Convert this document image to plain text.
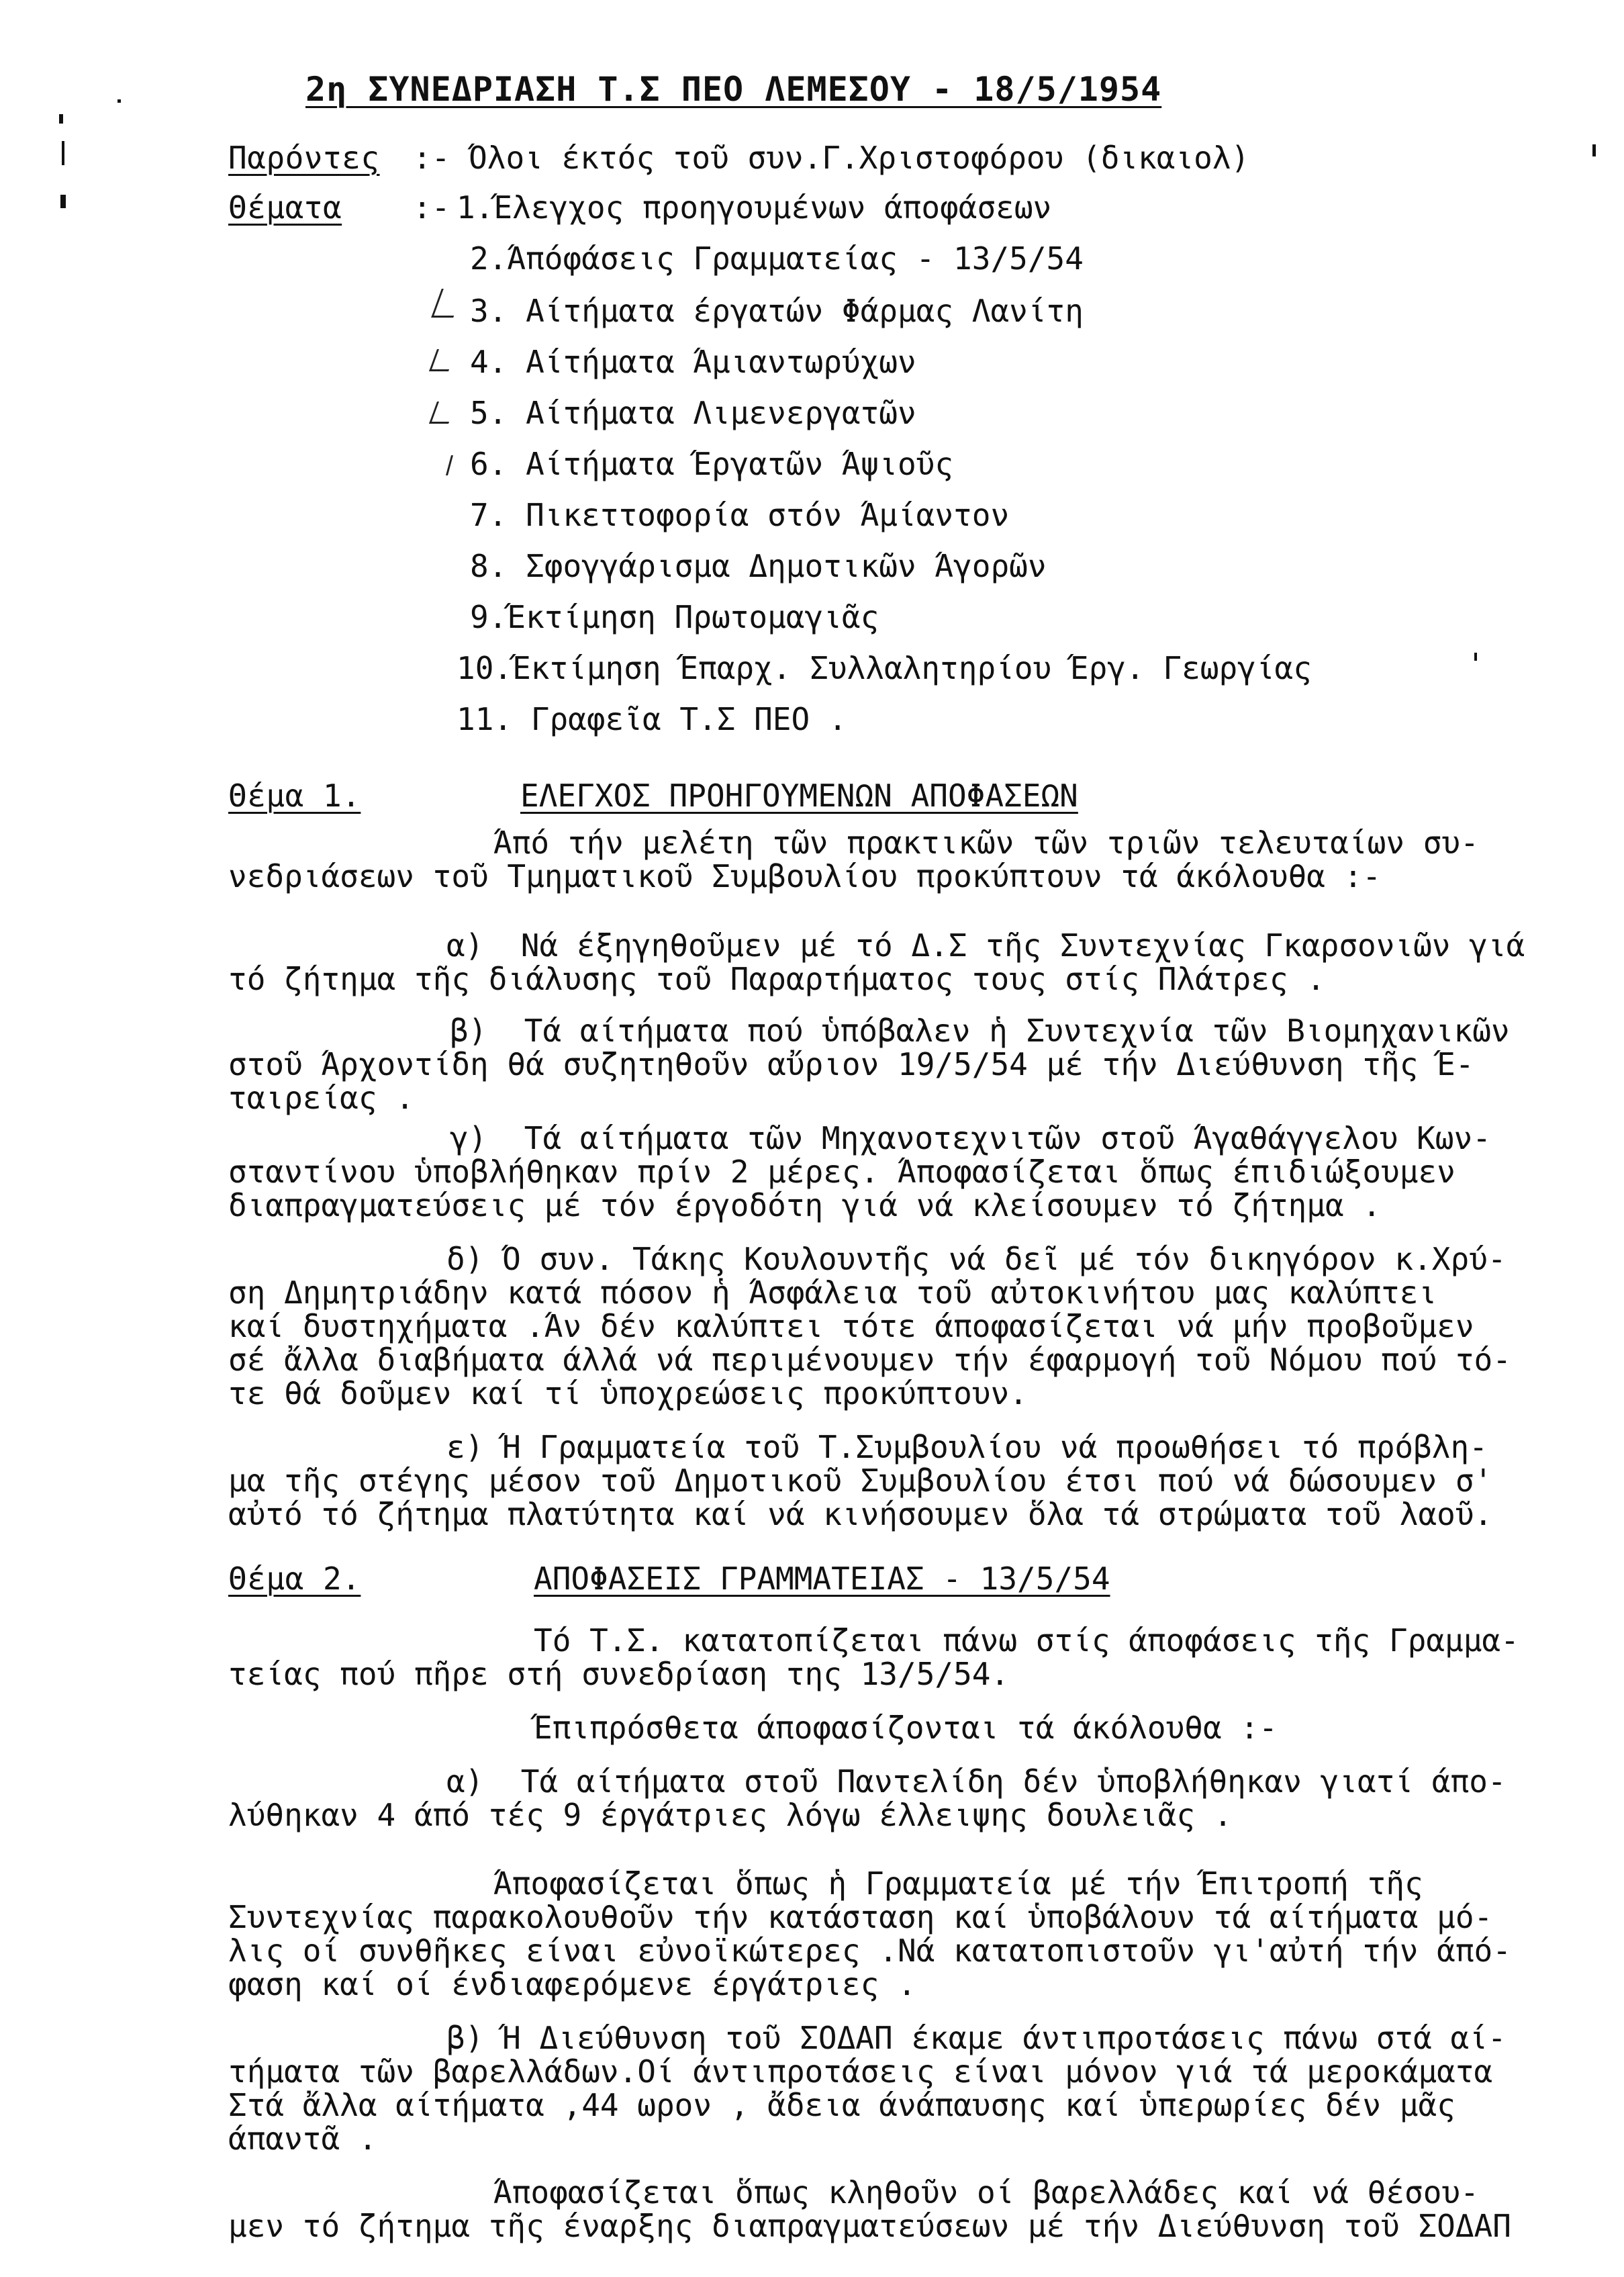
2η ΣΥΝΕΔΡΙΑΣΗ Τ.Σ ΠΕΟ ΛΕΜΕΣΟΥ - 18/5/1954
Παρόντες :- Όλοι έκτός τοῦ συν.Γ.Χριστοφόρου (δικαιολ)
Θέματα :- 1.Έλεγχος προηγουμένων άποφάσεων
2.Άπόφάσεις Γραμματείας - 13/5/54
3. Αίτήματα έργατών Φάρμας Λανίτη
4. Αίτήματα Άμιαντωρύχων
5. Αίτήματα Λιμενεργατῶν
6. Αίτήματα Έργατῶν Άψιοῦς
7. Πικεττοφορία στόν Άμίαντον
8. Σφογγάρισμα Δημοτικῶν Άγορῶν
9.Έκτίμηση Πρωτομαγιᾶς
10.Έκτίμηση Έπαρχ. Συλλαλητηρίου Έργ. Γεωργίας
11. Γραφεῖα Τ.Σ ΠΕΟ .
Θέμα 1.	ΕΛΕΓΧΟΣ ΠΡΟΗΓΟΥΜΕΝΩΝ ΑΠΟΦΑΣΕΩΝ
Άπό τήν μελέτη τῶν πρακτικῶν τῶν τριῶν τελευταίων συ-
νεδριάσεων τοῦ Τμηματικοῦ Συμβουλίου προκύπτουν τά άκόλουθα :-
α)  Νά έξηγηθοῦμεν μέ τό Δ.Σ τῆς Συντεχνίας Γκαρσονιῶν γιά
τό ζήτημα τῆς διάλυσης τοῦ Παραρτήματος τους στίς Πλάτρες .
β)  Τά αίτήματα πού ὑπόβαλεν ἡ Συντεχνία τῶν Βιομηχανικῶν
στοῦ Άρχοντίδη θά συζητηθοῦν αὔριον 19/5/54 μέ τήν Διεύθυνση τῆς Έ-
ταιρείας .
γ)  Τά αίτήματα τῶν Μηχανοτεχνιτῶν στοῦ Άγαθάγγελου Κων-
σταντίνου ὑποβλήθηκαν πρίν 2 μέρες. Άποφασίζεται ὅπως έπιδιώξουμεν
διαπραγματεύσεις μέ τόν έργοδότη γιά νά κλείσουμεν τό ζήτημα .
δ) Ό συν. Τάκης Κουλουντῆς νά δεῖ μέ τόν δικηγόρον κ.Χρύ-
ση Δημητριάδην κατά πόσον ἡ Άσφάλεια τοῦ αὐτοκινήτου μας καλύπτει
καί δυστηχήματα .Άν δέν καλύπτει τότε άποφασίζεται νά μήν προβοῦμεν
σέ ἄλλα διαβήματα άλλά νά περιμένουμεν τήν έφαρμογή τοῦ Νόμου πού τό-
τε θά δοῦμεν καί τί ὑποχρεώσεις προκύπτουν.
ε) Ή Γραμματεία τοῦ Τ.Συμβουλίου νά προωθήσει τό πρόβλη-
μα τῆς στέγης μέσον τοῦ Δημοτικοῦ Συμβουλίου έτσι πού νά δώσουμεν σ'
αὐτό τό ζήτημα πλατύτητα καί νά κινήσουμεν ὅλα τά στρώματα τοῦ λαοῦ.
Θέμα 2.	ΑΠΟΦΑΣΕΙΣ ΓΡΑΜΜΑΤΕΙΑΣ - 13/5/54
Τό Τ.Σ. κατατοπίζεται πάνω στίς άποφάσεις τῆς Γραμμα-
τείας πού πῆρε στή συνεδρίαση της 13/5/54.
Έπιπρόσθετα άποφασίζονται τά άκόλουθα :-
α)  Τά αίτήματα στοῦ Παντελίδη δέν ὑποβλήθηκαν γιατί άπο-
λύθηκαν 4 άπό τές 9 έργάτριες λόγω έλλειψης δουλειᾶς .
Άποφασίζεται ὅπως ἡ Γραμματεία μέ τήν Έπιτροπή τῆς
Συντεχνίας παρακολουθοῦν τήν κατάσταση καί ὑποβάλουν τά αίτήματα μό-
λις οί συνθῆκες είναι εὐνοϊκώτερες .Νά κατατοπιστοῦν γι'αὐτή τήν άπό-
φαση καί οί ένδιαφερόμενε έργάτριες .
β) Ή Διεύθυνση τοῦ ΣΟΔΑΠ έκαμε άντιπροτάσεις πάνω στά αί-
τήματα τῶν βαρελλάδων.Οί άντιπροτάσεις είναι μόνον γιά τά μεροκάματα
Στά ἄλλα αίτήματα ,44 ωρον , ἄδεια άνάπαυσης καί ὑπερωρίες δέν μᾶς
άπαντᾶ .
Άποφασίζεται ὅπως κληθοῦν οί βαρελλάδες καί νά θέσου-
μεν τό ζήτημα τῆς έναρξης διαπραγματεύσεων μέ τήν Διεύθυνση τοῦ ΣΟΔΑΠ
